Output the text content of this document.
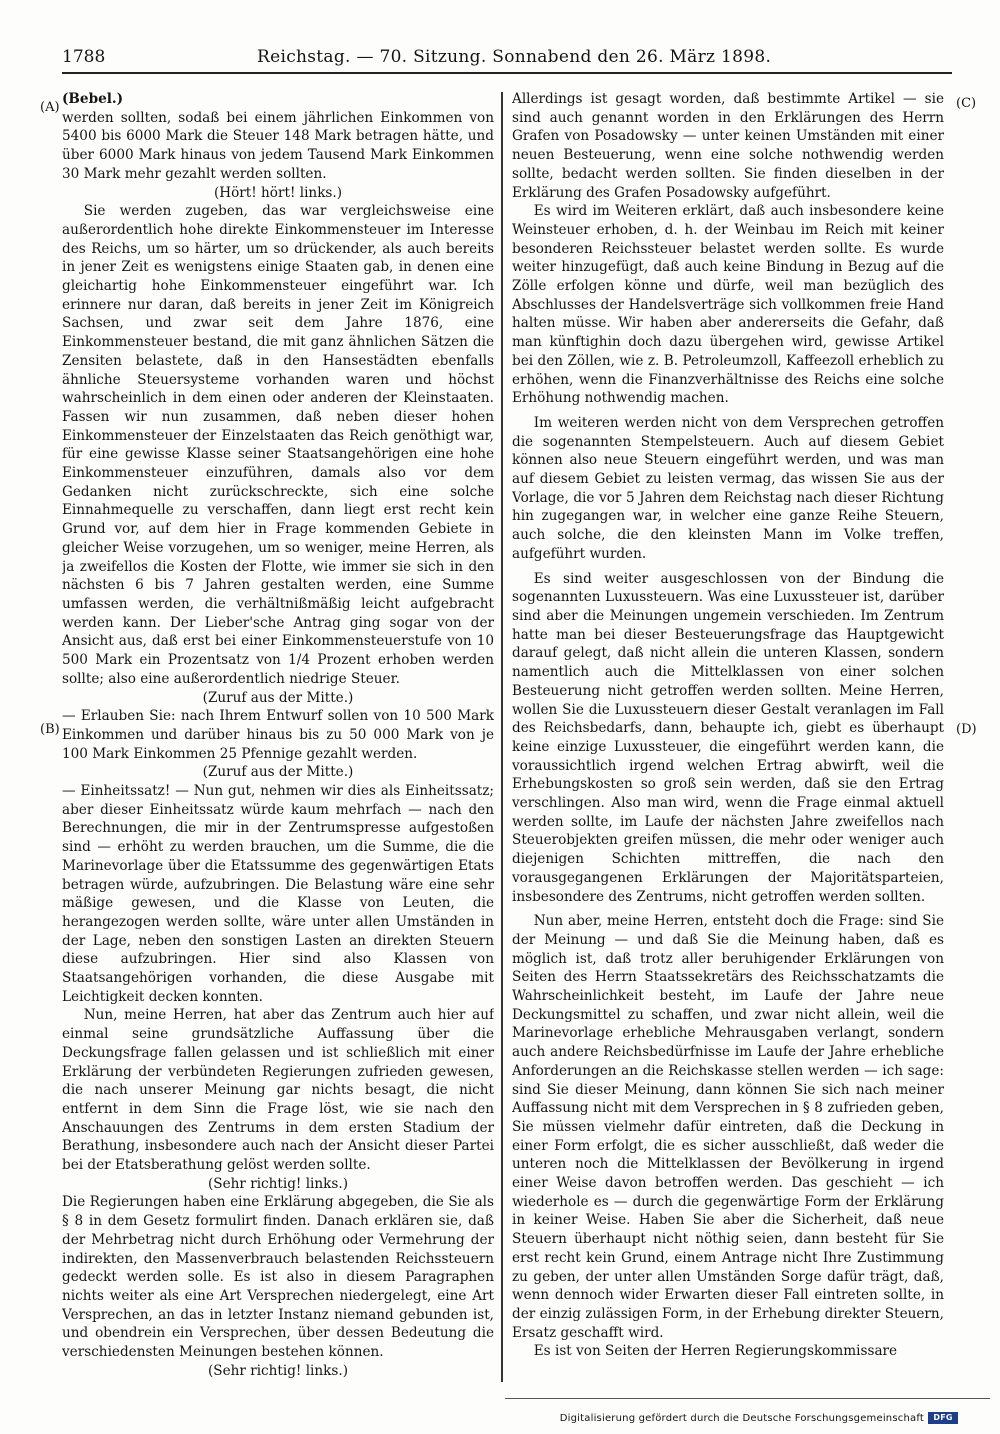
1788	Reichstag. — 70. Sitzung. Sonnabend den 26. März 1898.
(A)
(B)
(C)
(D)

(Bebel.)

werden sollten, sodaß bei einem jährlichen Einkommen von 5400 bis 6000 Mark die Steuer 148 Mark betragen hätte, und über 6000 Mark hinaus von jedem Tausend Mark Einkommen 30 Mark mehr gezahlt werden sollten.

(Hört! hört! links.)

Sie werden zugeben, das war vergleichsweise eine außerordentlich hohe direkte Einkommensteuer im Interesse des Reichs, um so härter, um so drückender, als auch bereits in jener Zeit es wenigstens einige Staaten gab, in denen eine gleichartig hohe Einkommensteuer eingeführt war. Ich erinnere nur daran, daß bereits in jener Zeit im Königreich Sachsen, und zwar seit dem Jahre 1876, eine Einkommensteuer bestand, die mit ganz ähnlichen Sätzen die Zensiten belastete, daß in den Hansestädten ebenfalls ähnliche Steuersysteme vorhanden waren und höchst wahrscheinlich in dem einen oder anderen der Kleinstaaten. Fassen wir nun zusammen, daß neben dieser hohen Einkommensteuer der Einzelstaaten das Reich genöthigt war, für eine gewisse Klasse seiner Staatsangehörigen eine hohe Einkommensteuer einzuführen, damals also vor dem Gedanken nicht zurückschreckte, sich eine solche Einnahmequelle zu verschaffen, dann liegt erst recht kein Grund vor, auf dem hier in Frage kommenden Gebiete in gleicher Weise vorzugehen, um so weniger, meine Herren, als ja zweifellos die Kosten der Flotte, wie immer sie sich in den nächsten 6 bis 7 Jahren gestalten werden, eine Summe umfassen werden, die verhältnißmäßig leicht aufgebracht werden kann. Der Lieber'sche Antrag ging sogar von der Ansicht aus, daß erst bei einer Einkommensteuerstufe von 10 500 Mark ein Prozentsatz von 1/4 Prozent erhoben werden sollte; also eine außerordentlich niedrige Steuer.

(Zuruf aus der Mitte.)

— Erlauben Sie: nach Ihrem Entwurf sollen von 10 500 Mark Einkommen und darüber hinaus bis zu 50 000 Mark von je 100 Mark Einkommen 25 Pfennige gezahlt werden.

(Zuruf aus der Mitte.)

— Einheitssatz! — Nun gut, nehmen wir dies als Einheitssatz; aber dieser Einheitssatz würde kaum mehrfach — nach den Berechnungen, die mir in der Zentrumspresse aufgestoßen sind — erhöht zu werden brauchen, um die Summe, die die Marinevorlage über die Etatssumme des gegenwärtigen Etats betragen würde, aufzubringen. Die Belastung wäre eine sehr mäßige gewesen, und die Klasse von Leuten, die herangezogen werden sollte, wäre unter allen Umständen in der Lage, neben den sonstigen Lasten an direkten Steuern diese aufzubringen. Hier sind also Klassen von Staatsangehörigen vorhanden, die diese Ausgabe mit Leichtigkeit decken konnten.

Nun, meine Herren, hat aber das Zentrum auch hier auf einmal seine grundsätzliche Auffassung über die Deckungsfrage fallen gelassen und ist schließlich mit einer Erklärung der verbündeten Regierungen zufrieden gewesen, die nach unserer Meinung gar nichts besagt, die nicht entfernt in dem Sinn die Frage löst, wie sie nach den Anschauungen des Zentrums in dem ersten Stadium der Berathung, insbesondere auch nach der Ansicht dieser Partei bei der Etatsberathung gelöst werden sollte.

(Sehr richtig! links.)

Die Regierungen haben eine Erklärung abgegeben, die Sie als § 8 in dem Gesetz formulirt finden. Danach erklären sie, daß der Mehrbetrag nicht durch Erhöhung oder Vermehrung der indirekten, den Massenverbrauch belastenden Reichssteuern gedeckt werden solle. Es ist also in diesem Paragraphen nichts weiter als eine Art Versprechen niedergelegt, eine Art Versprechen, an das in letzter Instanz niemand gebunden ist, und obendrein ein Versprechen, über dessen Bedeutung die verschiedensten Meinungen bestehen können.

(Sehr richtig! links.)

Allerdings ist gesagt worden, daß bestimmte Artikel — sie sind auch genannt worden in den Erklärungen des Herrn Grafen von Posadowsky — unter keinen Umständen mit einer neuen Besteuerung, wenn eine solche nothwendig werden sollte, bedacht werden sollten. Sie finden dieselben in der Erklärung des Grafen Posadowsky aufgeführt.

Es wird im Weiteren erklärt, daß auch insbesondere keine Weinsteuer erhoben, d. h. der Weinbau im Reich mit keiner besonderen Reichssteuer belastet werden sollte. Es wurde weiter hinzugefügt, daß auch keine Bindung in Bezug auf die Zölle erfolgen könne und dürfe, weil man bezüglich des Abschlusses der Handelsverträge sich vollkommen freie Hand halten müsse. Wir haben aber andererseits die Gefahr, daß man künftighin doch dazu übergehen wird, gewisse Artikel bei den Zöllen, wie z. B. Petroleumzoll, Kaffeezoll erheblich zu erhöhen, wenn die Finanzverhältnisse des Reichs eine solche Erhöhung nothwendig machen.

Im weiteren werden nicht von dem Versprechen getroffen die sogenannten Stempelsteuern. Auch auf diesem Gebiet können also neue Steuern eingeführt werden, und was man auf diesem Gebiet zu leisten vermag, das wissen Sie aus der Vorlage, die vor 5 Jahren dem Reichstag nach dieser Richtung hin zugegangen war, in welcher eine ganze Reihe Steuern, auch solche, die den kleinsten Mann im Volke treffen, aufgeführt wurden.

Es sind weiter ausgeschlossen von der Bindung die sogenannten Luxussteuern. Was eine Luxussteuer ist, darüber sind aber die Meinungen ungemein verschieden. Im Zentrum hatte man bei dieser Besteuerungsfrage das Hauptgewicht darauf gelegt, daß nicht allein die unteren Klassen, sondern namentlich auch die Mittelklassen von einer solchen Besteuerung nicht getroffen werden sollten. Meine Herren, wollen Sie die Luxussteuern dieser Gestalt veranlagen im Fall des Reichsbedarfs, dann, behaupte ich, giebt es überhaupt keine einzige Luxussteuer, die eingeführt werden kann, die voraussichtlich irgend welchen Ertrag abwirft, weil die Erhebungskosten so groß sein werden, daß sie den Ertrag verschlingen. Also man wird, wenn die Frage einmal aktuell werden sollte, im Laufe der nächsten Jahre zweifellos nach Steuerobjekten greifen müssen, die mehr oder weniger auch diejenigen Schichten mittreffen, die nach den vorausgegangenen Erklärungen der Majoritätsparteien, insbesondere des Zentrums, nicht getroffen werden sollten.

Nun aber, meine Herren, entsteht doch die Frage: sind Sie der Meinung — und daß Sie die Meinung haben, daß es möglich ist, daß trotz aller beruhigender Erklärungen von Seiten des Herrn Staatssekretärs des Reichsschatzamts die Wahrscheinlichkeit besteht, im Laufe der Jahre neue Deckungsmittel zu schaffen, und zwar nicht allein, weil die Marinevorlage erhebliche Mehrausgaben verlangt, sondern auch andere Reichsbedürfnisse im Laufe der Jahre erhebliche Anforderungen an die Reichskasse stellen werden — ich sage: sind Sie dieser Meinung, dann können Sie sich nach meiner Auffassung nicht mit dem Versprechen in § 8 zufrieden geben, Sie müssen vielmehr dafür eintreten, daß die Deckung in einer Form erfolgt, die es sicher ausschließt, daß weder die unteren noch die Mittelklassen der Bevölkerung in irgend einer Weise davon betroffen werden. Das geschieht — ich wiederhole es — durch die gegenwärtige Form der Erklärung in keiner Weise. Haben Sie aber die Sicherheit, daß neue Steuern überhaupt nicht nöthig seien, dann besteht für Sie erst recht kein Grund, einem Antrage nicht Ihre Zustimmung zu geben, der unter allen Umständen Sorge dafür trägt, daß, wenn dennoch wider Erwarten dieser Fall eintreten sollte, in der einzig zulässigen Form, in der Erhebung direkter Steuern, Ersatz geschafft wird.

Es ist von Seiten der Herren Regierungskommissare

Digitalisierung gefördert durch die Deutsche Forschungsgemeinschaft	DFG
